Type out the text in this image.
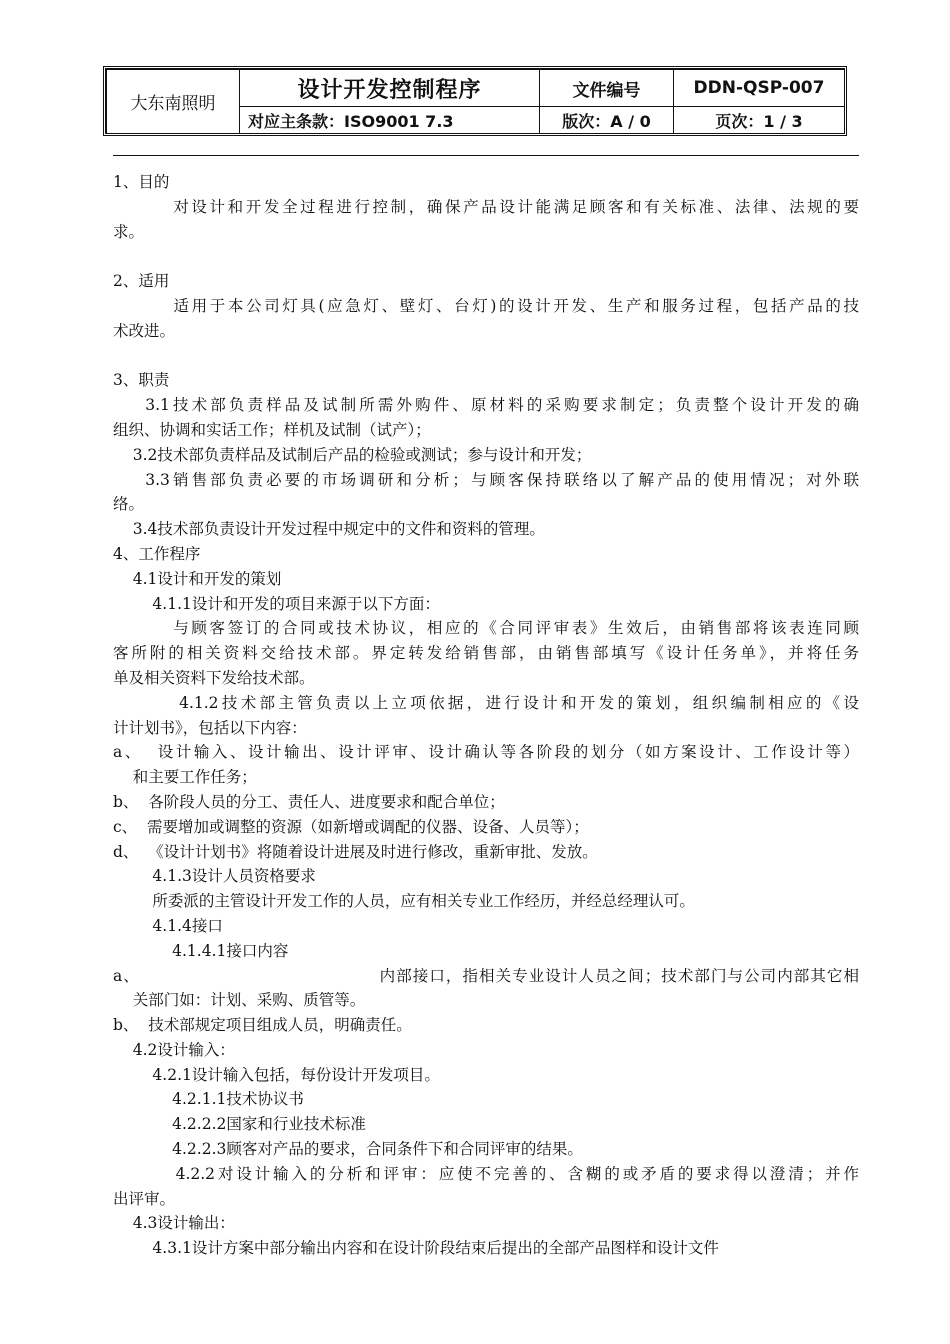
大东南照明	设计开发控制程序	文件编号	DDN-QSP-007
	对应主条款：ISO9001 7.3	版次：A / 0	页次：1 / 3
1、目的
对设计和开发全过程进行控制，确保产品设计能满足顾客和有关标准、法律、法规的要
求。
2、适用
适用于本公司灯具(应急灯、壁灯、台灯)的设计开发、生产和服务过程，包括产品的技
术改进。
3、职责
3.1技术部负责样品及试制所需外购件、原材料的采购要求制定；负责整个设计开发的确
组织、协调和实话工作；样机及试制（试产）；
3.2技术部负责样品及试制后产品的检验或测试；参与设计和开发；
3.3销售部负责必要的市场调研和分析；与顾客保持联络以了解产品的使用情况；对外联
络。
3.4技术部负责设计开发过程中规定中的文件和资料的管理。
4、工作程序
4.1设计和开发的策划
4.1.1设计和开发的项目来源于以下方面：
与顾客签订的合同或技术协议，相应的《合同评审表》生效后，由销售部将该表连同顾
客所附的相关资料交给技术部。界定转发给销售部，由销售部填写《设计任务单》，并将任务
单及相关资料下发给技术部。
4.1.2技术部主管负责以上立项依据，进行设计和开发的策划，组织编制相应的《设
计计划书》，包括以下内容：
a、  设计输入、设计输出、设计评审、设计确认等各阶段的划分（如方案设计、工作设计等）
和主要工作任务；
b、  各阶段人员的分工、责任人、进度要求和配合单位；
c、  需要增加或调整的资源（如新增或调配的仪器、设备、人员等）；
d、  《设计计划书》将随着设计进展及时进行修改，重新审批、发放。
4.1.3设计人员资格要求
所委派的主管设计开发工作的人员，应有相关专业工作经历，并经总经理认可。
4.1.4接口
4.1.4.1接口内容
a、                                        内部接口，指相关专业设计人员之间；技术部门与公司内部其它相
关部门如：计划、采购、质管等。
b、  技术部规定项目组成人员，明确责任。
4.2设计输入：
4.2.1设计输入包括，每份设计开发项目。
4.2.1.1技术协议书
4.2.2.2国家和行业技术标准
4.2.2.3顾客对产品的要求，合同条件下和合同评审的结果。
4.2.2对设计输入的分析和评审：应使不完善的、含糊的或矛盾的要求得以澄清；并作
出评审。
4.3设计输出：
4.3.1设计方案中部分输出内容和在设计阶段结束后提出的全部产品图样和设计文件
